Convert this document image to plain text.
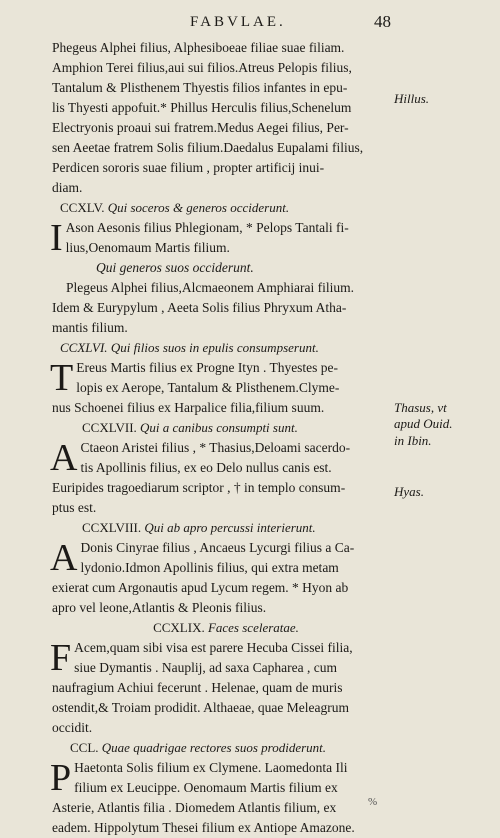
FABVLAE.	48
Phegeus Alphei filius, Alphesiboeae filiae suae filiam.
Amphion Terei filius,aui sui filios.Atreus Pelopis filius,
Tantalum & Plisthenem Thyestis filios infantes in epu-
lis Thyesti appofuit.* Phillus Herculis filius,Schenelum
Electryonis proaui sui fratrem.Medus Aegei filius, Per-
sen Aeetae fratrem Solis filium.Daedalus Eupalami filius,
Perdicen sororis suae filium , propter artificij inui-
diam.
CCXLV. Qui soceros & generos occiderunt.
I Ason Aesonis filius Phlegionam, * Pelops Tantali fi-
lius,Oenomaum Martis filium.
Qui generos suos occiderunt.
Plegeus Alphei filius,Alcmaeonem Amphiarai filium.
Idem & Eurypylum , Aeeta Solis filius Phryxum Atha-
mantis filium.
CCXLVI. Qui filios suos in epulis consumpserunt.
T Ereus Martis filius ex Progne Ityn . Thyestes pe-
lopis ex Aerope, Tantalum & Plisthenem.Clyme-
nus Schoenei filius ex Harpalice filia,filium suum.
CCXLVII. Qui a canibus consumpti sunt.
A Ctaeon Aristei filius , * Thasius,Deloami sacerdo-
tis Apollinis filius, ex eo Delo nullus canis est.
Euripides tragoediarum scriptor , † in templo consum-
ptus est.
CCXLVIII. Qui ab apro percussi interierunt.
A Donis Cinyrae filius , Ancaeus Lycurgi filius a Ca-
lydonio.Idmon Apollinis filius, qui extra metam
exierat cum Argonautis apud Lycum regem. * Hyon ab
apro vel leone,Atlantis & Pleonis filius.
CCXLIX. Faces sceleratae.
F Acem,quam sibi visa est parere Hecuba Cissei filia,
siue Dymantis . Nauplij, ad saxa Caphareа , cum
naufragium Achiui fecerunt . Helenae, quam de muris
ostendit,& Troiam prodidit. Althaeae, quae Meleagrum
occidit.
CCL. Quae quadrigae rectores suos prodiderunt.
P Haetonta Solis filium ex Clymene. Laomedonta Ili
filium ex Leucippe. Oenomaum Martis filium ex
Asterie, Atlantis filia . Diomedem Atlantis filium, ex
eadem. Hippolytum Thesei filium ex Antiope Amazone.
Hillus.
Thasus, vt
apud Ouid.
in Ibin.
Hyas.
%
